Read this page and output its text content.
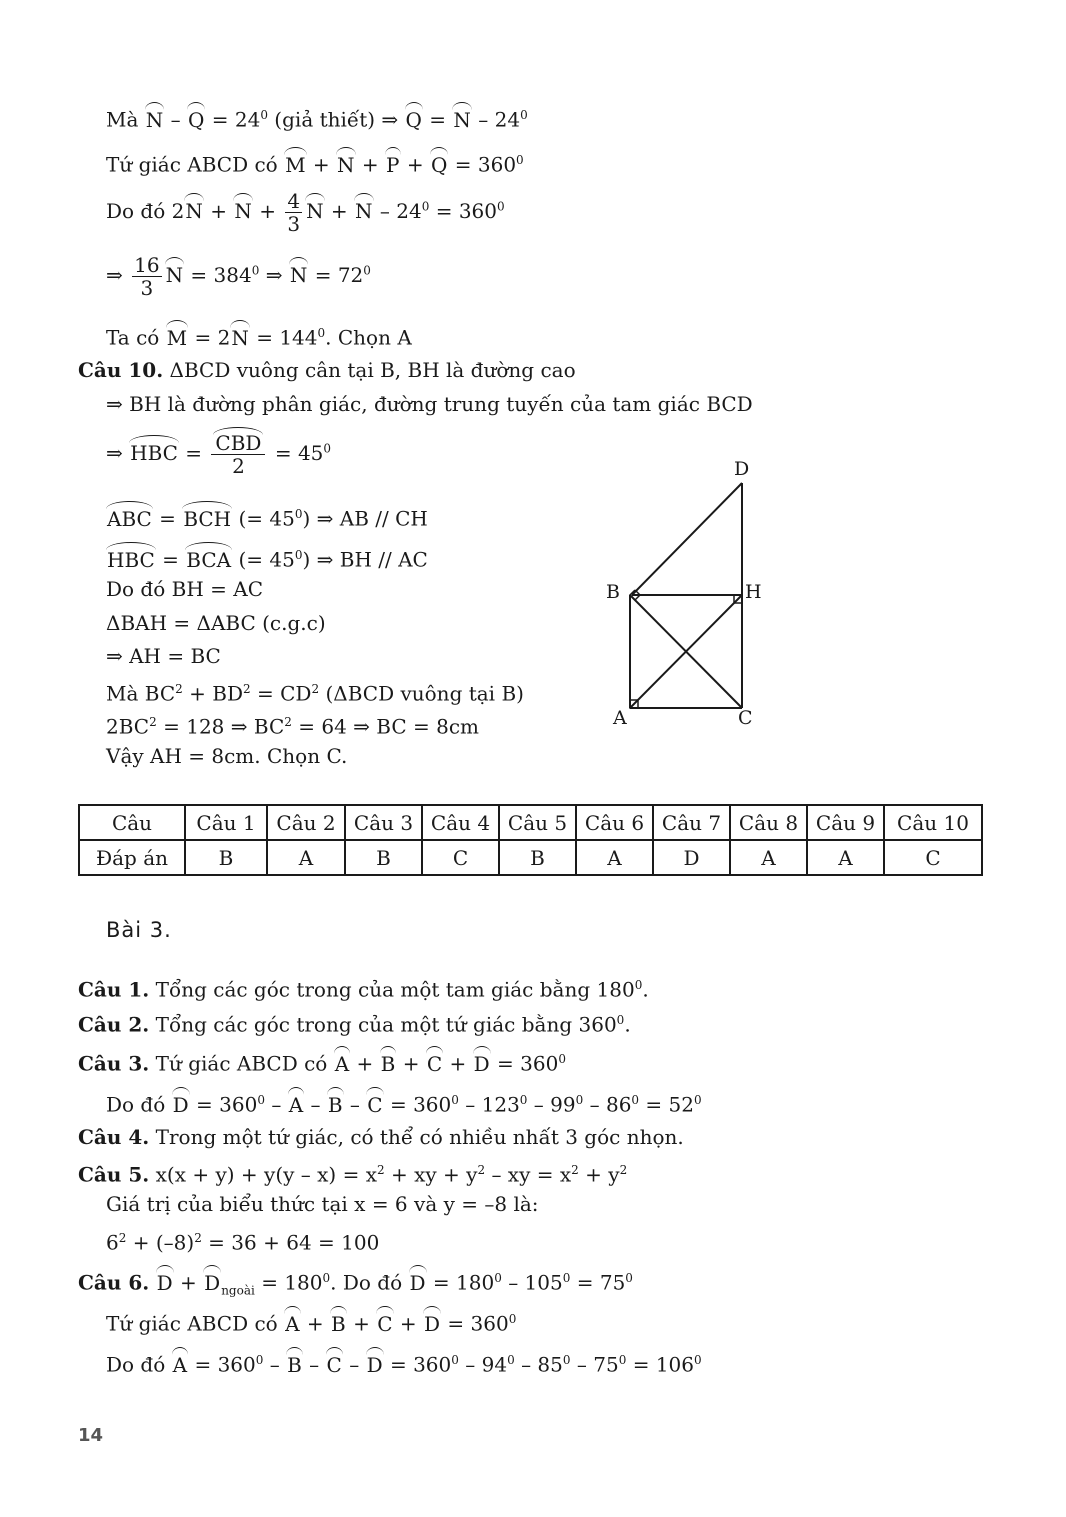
Mà $N - Q = 24^0$ (giả thiết) ⇒ $Q = N - 24^0$
Tứ giác ABCD có $M + N + P + Q = 360^0$
Do đó $2N + N + \frac{4}{3}$ $N + N - 24^0 = 360^0$
⇒ $\frac{16}{3}$ $N = 384^0$ ⇒ $N = 72^0$
Ta có $M = 2N = 144^0$. Chọn A
Câu 10. ΔBCD vuông cân tại B, BH là đường cao
⇒ BH là đường phân giác, đường trung tuyến của tam giác BCD
⇒ HBC = $\frac{\text{CBD}}{2} = 45^0$
ABC = BCH (= $45^0$) ⇒ AB // CH
HBC = BCA (= $45^0$) ⇒ BH // AC
Do đó BH = AC
ΔBAH = ΔABC (c.g.c)
⇒ AH = BC
Mà $BC^2 + BD^2 = CD^2$ (ΔBCD vuông tại B)
$2BC^2 = 128$ ⇒ $BC^2 = 64$ ⇒ BC = 8cm
Vậy AH = 8cm. Chọn C.
D
B	H
A	C
Câu	Câu 1	Câu 2	Câu 3	Câu 4	Câu 5	Câu 6	Câu 7	Câu 8	Câu 9	Câu 10
Đáp án	B	A	B	C	B	A	D	A	A	C
Bài 3.
Câu 1. Tổng các góc trong của một tam giác bằng $180^0$.
Câu 2. Tổng các góc trong của một tứ giác bằng $360^0$.
Câu 3. Tứ giác ABCD có $A + B + C + D = 360^0$
Do đó $D = 360^0 - A - B - C = 360^0 - 123^0 - 99^0 - 86^0 = 52^0$
Câu 4. Trong một tứ giác, có thể có nhiều nhất 3 góc nhọn.
Câu 5. $x(x + y) + y(y - x) = x^2$ + xy + $y^2$ – xy = $x^2 + y^2$
Giá trị của biểu thức tại x = 6 và y = –8 là:
$6^2 + (-8)^2 = 36 + 64 = 100$
Câu 6. $D + D_{ngoài} = 180^0$. Do đó $D = 180^0 - 105^0 = 75^0$
Tứ giác ABCD có $A + B + C + D = 360^0$
Do đó $A = 360^0 - B - C - D = 360^0 - 94^0 - 85^0 - 75^0 = 106^0$
14
